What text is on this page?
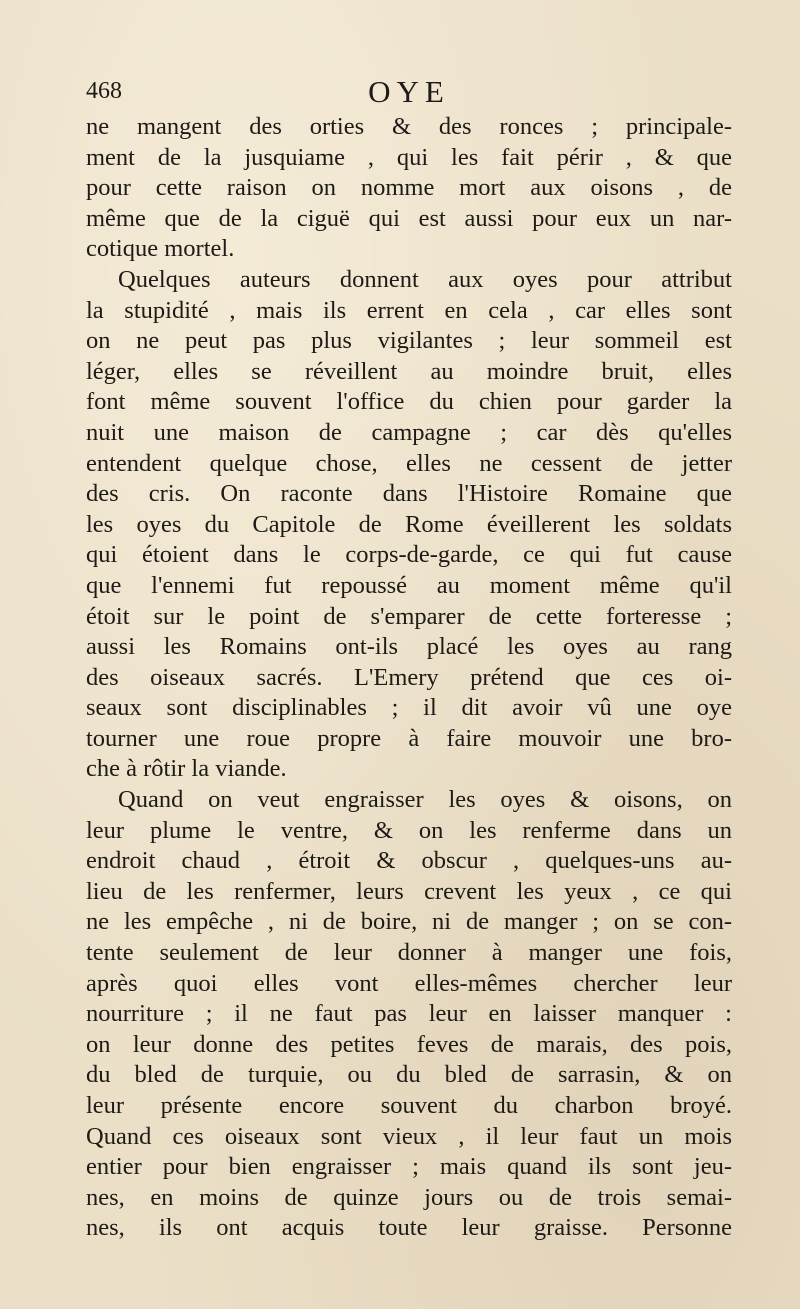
468	OYE
ne mangent des orties & des ronces ; principale-
ment de la jusquiame , qui les fait périr , & que
pour cette raison on nomme mort aux oisons , de
même que de la ciguë qui est aussi pour eux un nar-
cotique mortel.
Quelques auteurs donnent aux oyes pour attribut
la stupidité , mais ils errent en cela , car elles sont
on ne peut pas plus vigilantes ; leur sommeil est
léger, elles se réveillent au moindre bruit, elles
font même souvent l'office du chien pour garder la
nuit une maison de campagne ; car dès qu'elles
entendent quelque chose, elles ne cessent de jetter
des cris. On raconte dans l'Histoire Romaine que
les oyes du Capitole de Rome éveillerent les soldats
qui étoient dans le corps-de-garde, ce qui fut cause
que l'ennemi fut repoussé au moment même qu'il
étoit sur le point de s'emparer de cette forteresse ;
aussi les Romains ont-ils placé les oyes au rang
des oiseaux sacrés. L'Emery prétend que ces oi-
seaux sont disciplinables ; il dit avoir vû une oye
tourner une roue propre à faire mouvoir une bro-
che à rôtir la viande.
Quand on veut engraisser les oyes & oisons, on
leur plume le ventre, & on les renferme dans un
endroit chaud , étroit & obscur , quelques-uns au-
lieu de les renfermer, leurs crevent les yeux , ce qui
ne les empêche , ni de boire, ni de manger ; on se con-
tente seulement de leur donner à manger une fois,
après quoi elles vont elles-mêmes chercher leur
nourriture ; il ne faut pas leur en laisser manquer :
on leur donne des petites feves de marais, des pois,
du bled de turquie, ou du bled de sarrasin, & on
leur présente encore souvent du charbon broyé.
Quand ces oiseaux sont vieux , il leur faut un mois
entier pour bien engraisser ; mais quand ils sont jeu-
nes, en moins de quinze jours ou de trois semai-
nes, ils ont acquis toute leur graisse. Personne
